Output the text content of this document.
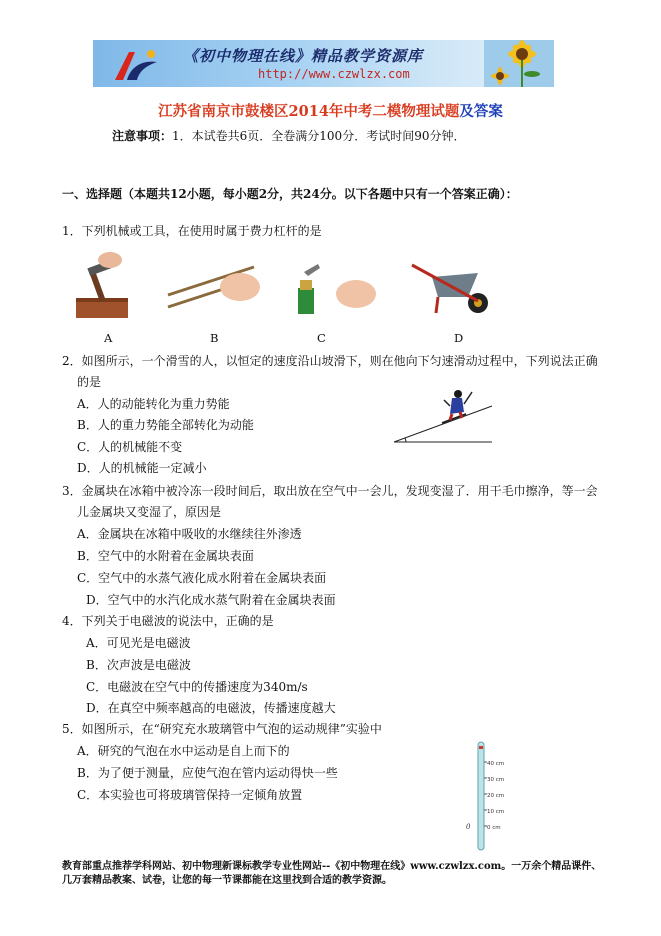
《初中物理在线》精品教学资源库
http://www.czwlzx.com
江苏省南京市鼓楼区2014年中考二模物理试题及答案
注意事项：1．本试卷共6页．全卷满分100分．考试时间90分钟．
一、选择题（本题共12小题，每小题2分，共24分。以下各题中只有一个答案正确）：
1．下列机械或工具，在使用时属于费力杠杆的是
A	B	C	D
2．如图所示，一个滑雪的人，以恒定的速度沿山坡滑下，则在他向下匀速滑动过程中，下列说法正确
的是
A．人的动能转化为重力势能
B．人的重力势能全部转化为动能
C．人的机械能不变
D．人的机械能一定减小
3．金属块在冰箱中被冷冻一段时间后，取出放在空气中一会儿，发现变湿了．用干毛巾擦净，等一会
儿金属块又变湿了，原因是
A．金属块在冰箱中吸收的水继续往外渗透
B．空气中的水附着在金属块表面
C．空气中的水蒸气液化成水附着在金属块表面
D．空气中的水汽化成水蒸气附着在金属块表面
4．下列关于电磁波的说法中，正确的是
A．可见光是电磁波
B．次声波是电磁波
C．电磁波在空气中的传播速度为340m/s
D．在真空中频率越高的电磁波，传播速度越大
5．如图所示，在“研究充水玻璃管中气泡的运动规律”实验中
A．研究的气泡在水中运动是自上而下的
B．为了便于测量，应使气泡在管内运动得快一些
C．本实验也可将玻璃管保持一定倾角放置
40 cm
30 cm
20 cm
10 cm
0 cm
0
教育部重点推荐学科网站、初中物理新课标教学专业性网站--《初中物理在线》www.czwlzx.com。一万余个精品课件、
几万套精品教案、试卷，让您的每一节课都能在这里找到合适的教学资源。
